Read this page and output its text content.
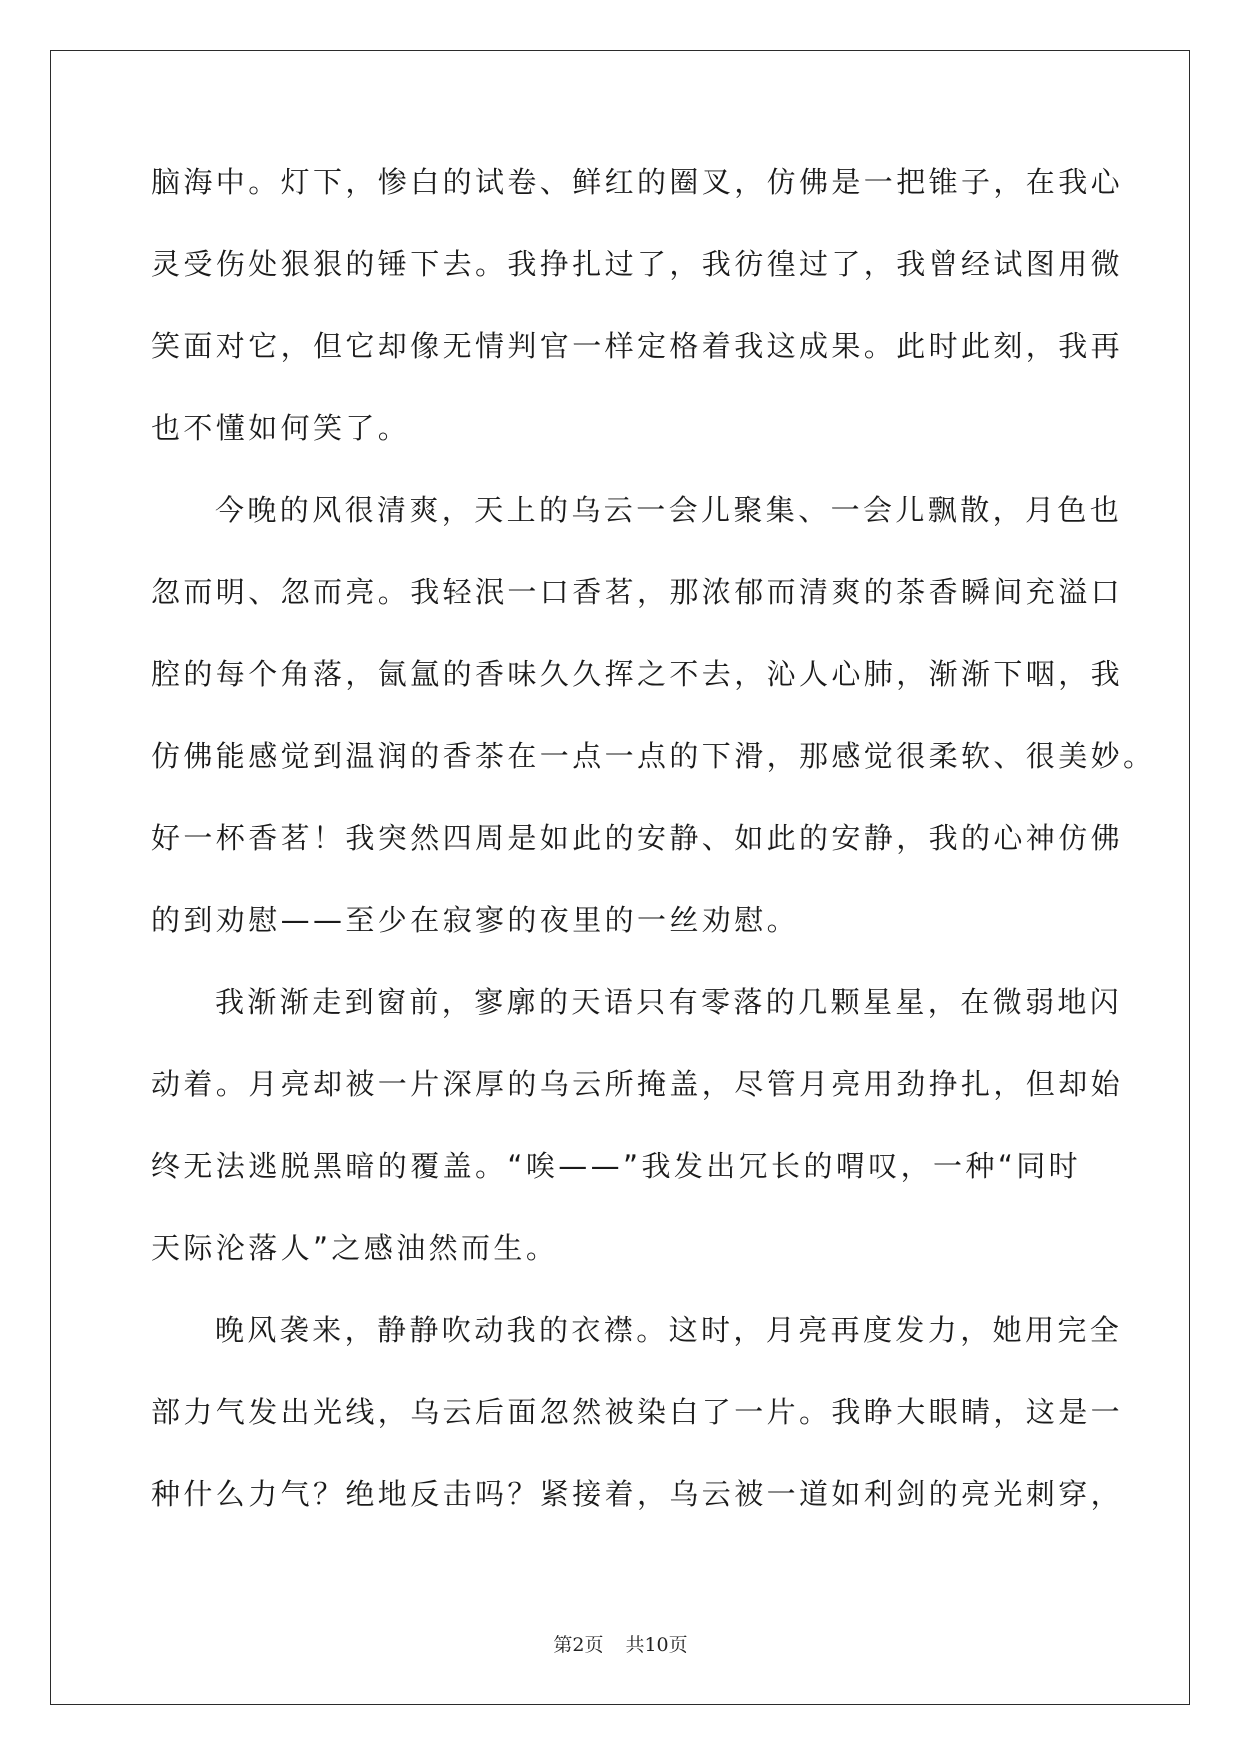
脑海中。灯下，惨白的试卷、鲜红的圈叉，仿佛是一把锥子，在我心
灵受伤处狠狠的锤下去。我挣扎过了，我彷徨过了，我曾经试图用微
笑面对它，但它却像无情判官一样定格着我这成果。此时此刻，我再
也不懂如何笑了。
今晚的风很清爽，天上的乌云一会儿聚集、一会儿飘散，月色也
忽而明、忽而亮。我轻泯一口香茗，那浓郁而清爽的茶香瞬间充溢口
腔的每个角落，氤氲的香味久久挥之不去，沁人心肺，渐渐下咽，我
仿佛能感觉到温润的香茶在一点一点的下滑，那感觉很柔软、很美妙。
好一杯香茗！我突然四周是如此的安静、如此的安静，我的心神仿佛
的到劝慰——至少在寂寥的夜里的一丝劝慰。
我渐渐走到窗前，寥廓的天语只有零落的几颗星星，在微弱地闪
动着。月亮却被一片深厚的乌云所掩盖，尽管月亮用劲挣扎，但却始
终无法逃脱黑暗的覆盖。“唉——”我发出冗长的喟叹，一种“同时
天际沦落人”之感油然而生。
晚风袭来，静静吹动我的衣襟。这时，月亮再度发力，她用完全
部力气发出光线，乌云后面忽然被染白了一片。我睁大眼睛，这是一
种什么力气？绝地反击吗？紧接着，乌云被一道如利剑的亮光刺穿，
第2页 共10页
